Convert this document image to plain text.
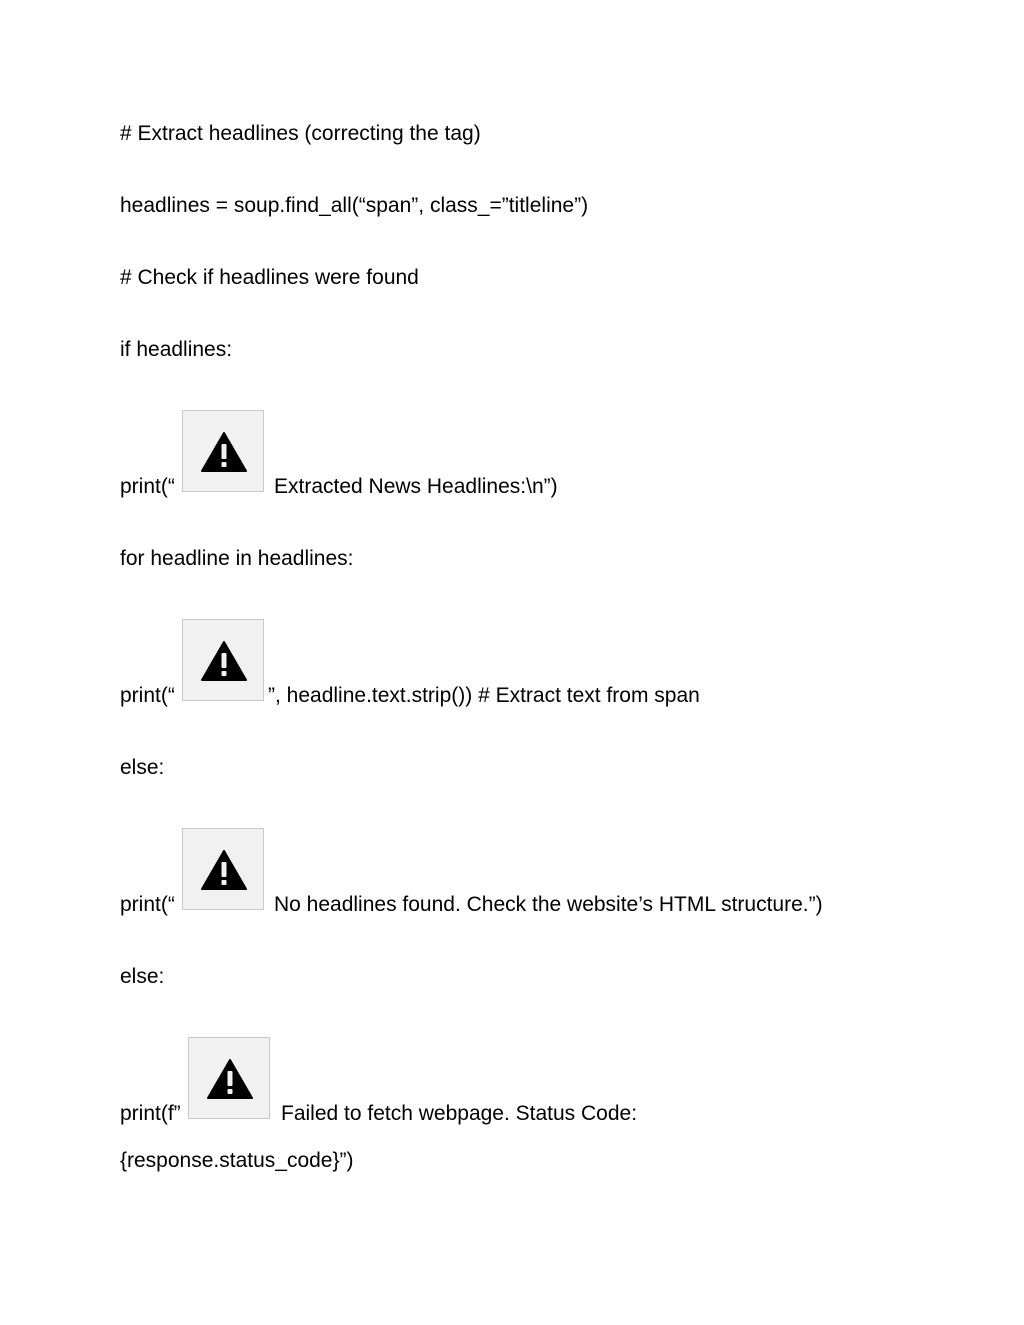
# Extract headlines (correcting the tag)
headlines = soup.find_all(“span”, class_=”titleline”)
# Check if headlines were found
if headlines:
print(“	Extracted News Headlines:\n”)
for headline in headlines:
print(“	”, headline.text.strip()) # Extract text from span
else:
print(“	No headlines found. Check the website’s HTML structure.”)
else:
print(f”	Failed to fetch webpage. Status Code:
{response.status_code}”)
